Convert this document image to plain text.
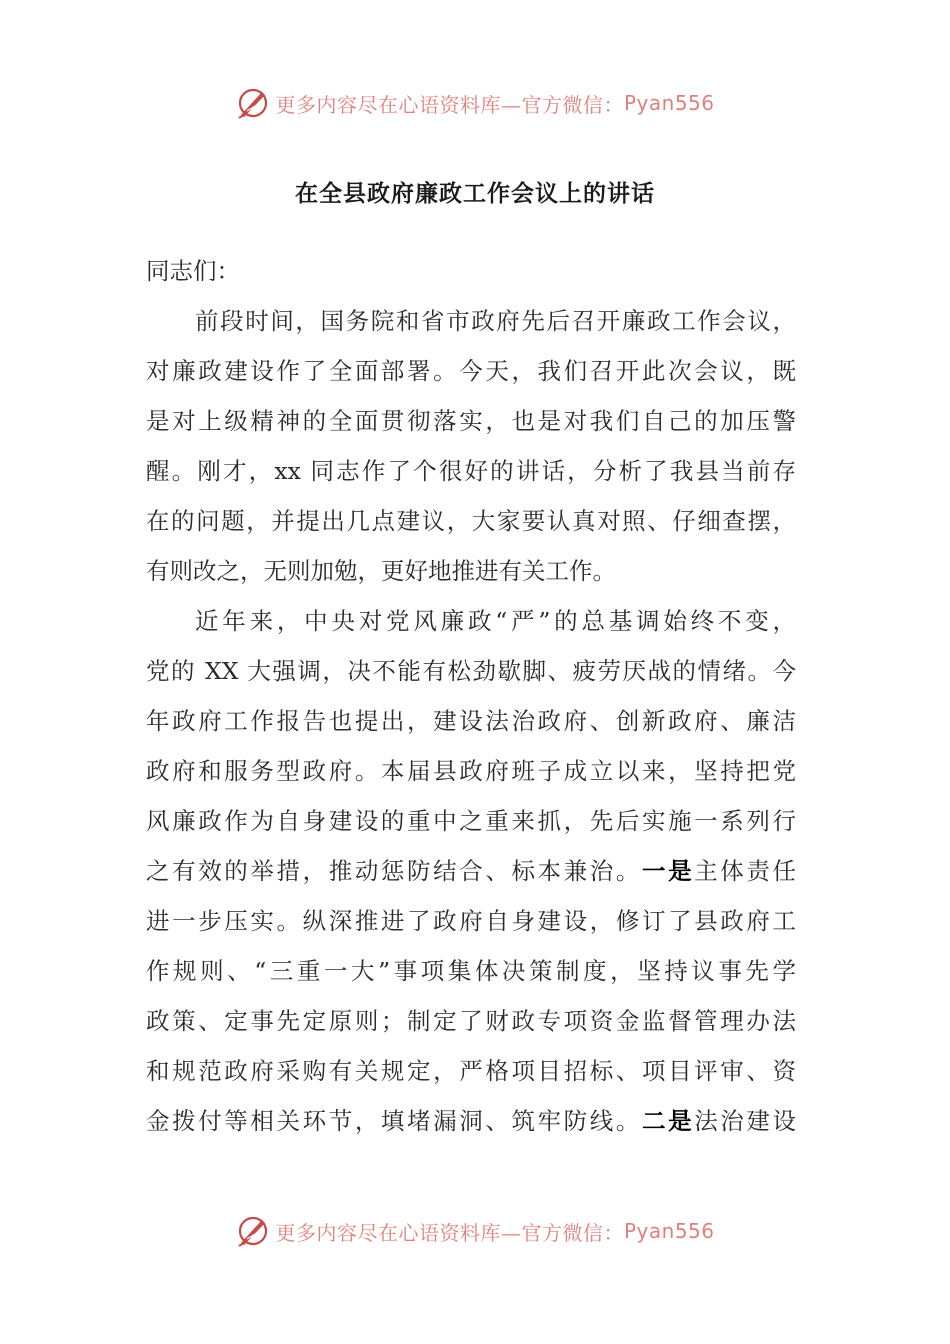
更多内容尽在心语资料库—官方微信： Pyan556
在全县政府廉政工作会议上的讲话
同志们：
前段时间，国务院和省市政府先后召开廉政工作会议，
对廉政建设作了全面部署。今天，我们召开此次会议，既
是对上级精神的全面贯彻落实，也是对我们自己的加压警
醒。刚才，xx 同志作了个很好的讲话，分析了我县当前存
在的问题，并提出几点建议，大家要认真对照、仔细查摆，
有则改之，无则加勉，更好地推进有关工作。
近年来，中央对党风廉政“严”的总基调始终不变，
党的 XX 大强调，决不能有松劲歇脚、疲劳厌战的情绪。今
年政府工作报告也提出，建设法治政府、创新政府、廉洁
政府和服务型政府。本届县政府班子成立以来，坚持把党
风廉政作为自身建设的重中之重来抓，先后实施一系列行
之有效的举措，推动惩防结合、标本兼治。一是主体责任
进一步压实。纵深推进了政府自身建设，修订了县政府工
作规则、“三重一大”事项集体决策制度，坚持议事先学
政策、定事先定原则；制定了财政专项资金监督管理办法
和规范政府采购有关规定，严格项目招标、项目评审、资
金拨付等相关环节，填堵漏洞、筑牢防线。二是法治建设
更多内容尽在心语资料库—官方微信： Pyan556
